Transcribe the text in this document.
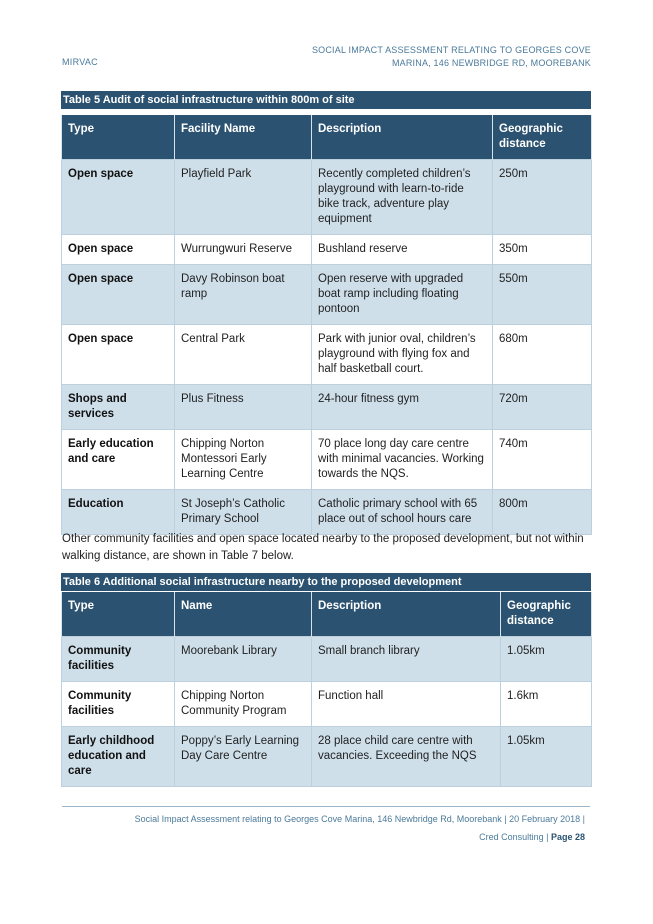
MIRVAC
SOCIAL IMPACT ASSESSMENT RELATING TO GEORGES COVE
MARINA, 146 NEWBRIDGE RD, MOOREBANK
Table 5 Audit of social infrastructure within 800m of site
Type	Facility Name	Description	Geographic distance
Open space	Playfield Park	Recently completed children’s playground with learn-to-ride bike track, adventure play equipment	250m
Open space	Wurrungwuri Reserve	Bushland reserve	350m
Open space	Davy Robinson boat ramp	Open reserve with upgraded boat ramp including floating pontoon	550m
Open space	Central Park	Park with junior oval, children’s playground with flying fox and half basketball court.	680m
Shops and services	Plus Fitness	24-hour fitness gym	720m
Early education and care	Chipping Norton Montessori Early Learning Centre	70 place long day care centre with minimal vacancies. Working towards the NQS.	740m
Education	St Joseph’s Catholic Primary School	Catholic primary school with 65 place out of school hours care	800m
Other community facilities and open space located nearby to the proposed development, but not within walking distance, are shown in Table 7 below.
Table 6 Additional social infrastructure nearby to the proposed development
Type	Name	Description	Geographic distance
Community facilities	Moorebank Library	Small branch library	1.05km
Community facilities	Chipping Norton Community Program	Function hall	1.6km
Early childhood education and care	Poppy’s Early Learning Day Care Centre	28 place child care centre with vacancies. Exceeding the NQS	1.05km
Social Impact Assessment relating to Georges Cove Marina, 146 Newbridge Rd, Moorebank | 20 February 2018 |
Cred Consulting | Page 28
